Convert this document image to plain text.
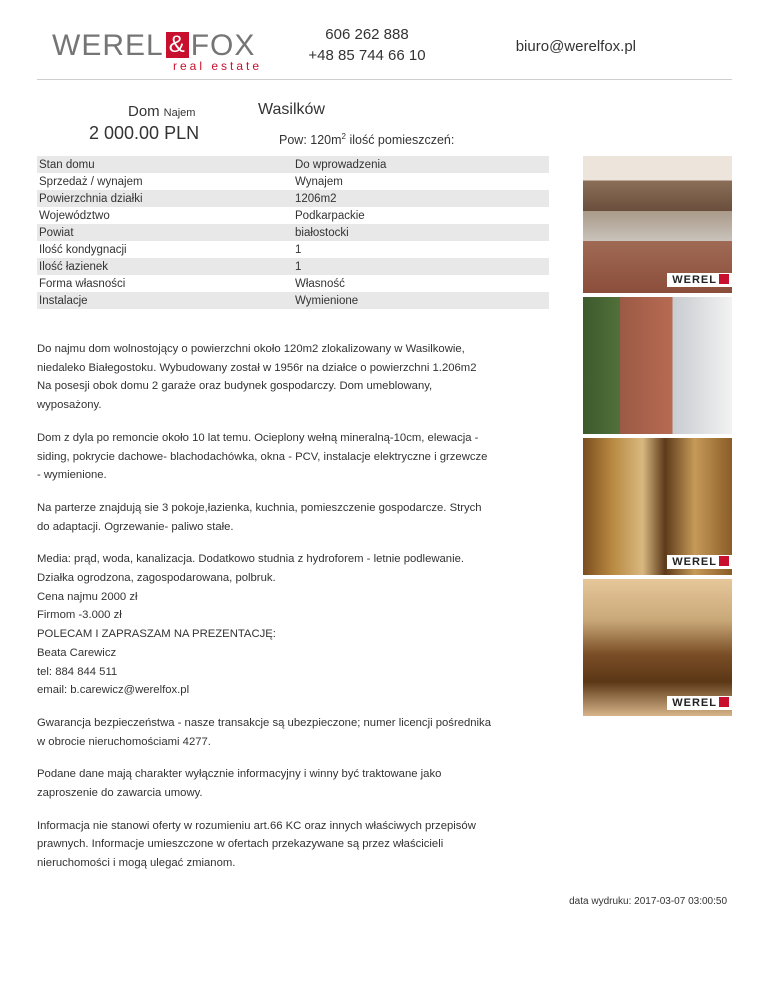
WEREL & FOX
real estate
606 262 888
+48 85 744 66 10
biuro@werelfox.pl
Dom Najem
2 000.00 PLN
Wasilków
Pow: $120m^2$ ilość pomieszczeń:
Stan domu	Do wprowadzenia
Sprzedaż / wynajem	Wynajem
Powierzchnia działki	1206m2
Województwo	Podkarpackie
Powiat	białostocki
Ilość kondygnacji	1
Ilość łazienek	1
Forma własności	Własność
Instalacje	Wymienione

Do najmu dom wolnostojący o powierzchni około 120m2 zlokalizowany w Wasilkowie,
niedaleko Białegostoku. Wybudowany został w 1956r na działce o powierzchni 1.206m2
Na posesji obok domu 2 garaże oraz budynek gospodarczy. Dom umeblowany,
wyposażony.

Dom z dyla po remoncie około 10 lat temu. Ocieplony wełną mineralną-10cm, elewacja -
siding, pokrycie dachowe- blachodachówka, okna - PCV, instalacje elektryczne i grzewcze
- wymienione.

Na parterze znajdują sie 3 pokoje,łazienka, kuchnia, pomieszczenie gospodarcze. Strych
do adaptacji. Ogrzewanie- paliwo stałe.

Media: prąd, woda, kanalizacja. Dodatkowo studnia z hydroforem - letnie podlewanie.
Działka ogrodzona, zagospodarowana, polbruk.
Cena najmu 2000 zł
Firmom -3.000 zł
POLECAM I ZAPRASZAM NA PREZENTACJĘ:
Beata Carewicz
tel: 884 844 511
email: b.carewicz@werelfox.pl

Gwarancja bezpieczeństwa - nasze transakcje są ubezpieczone; numer licencji pośrednika
w obrocie nieruchomościami 4277.

Podane dane mają charakter wyłącznie informacyjny i winny być traktowane jako
zaproszenie do zawarcia umowy.

Informacja nie stanowi oferty w rozumieniu art.66 KC oraz innych właściwych przepisów
prawnych. Informacje umieszczone w ofertach przekazywane są przez właścicieli
nieruchomości i mogą ulegać zmianom.

WEREL
WEREL
WEREL
data wydruku: 2017-03-07 03:00:50
